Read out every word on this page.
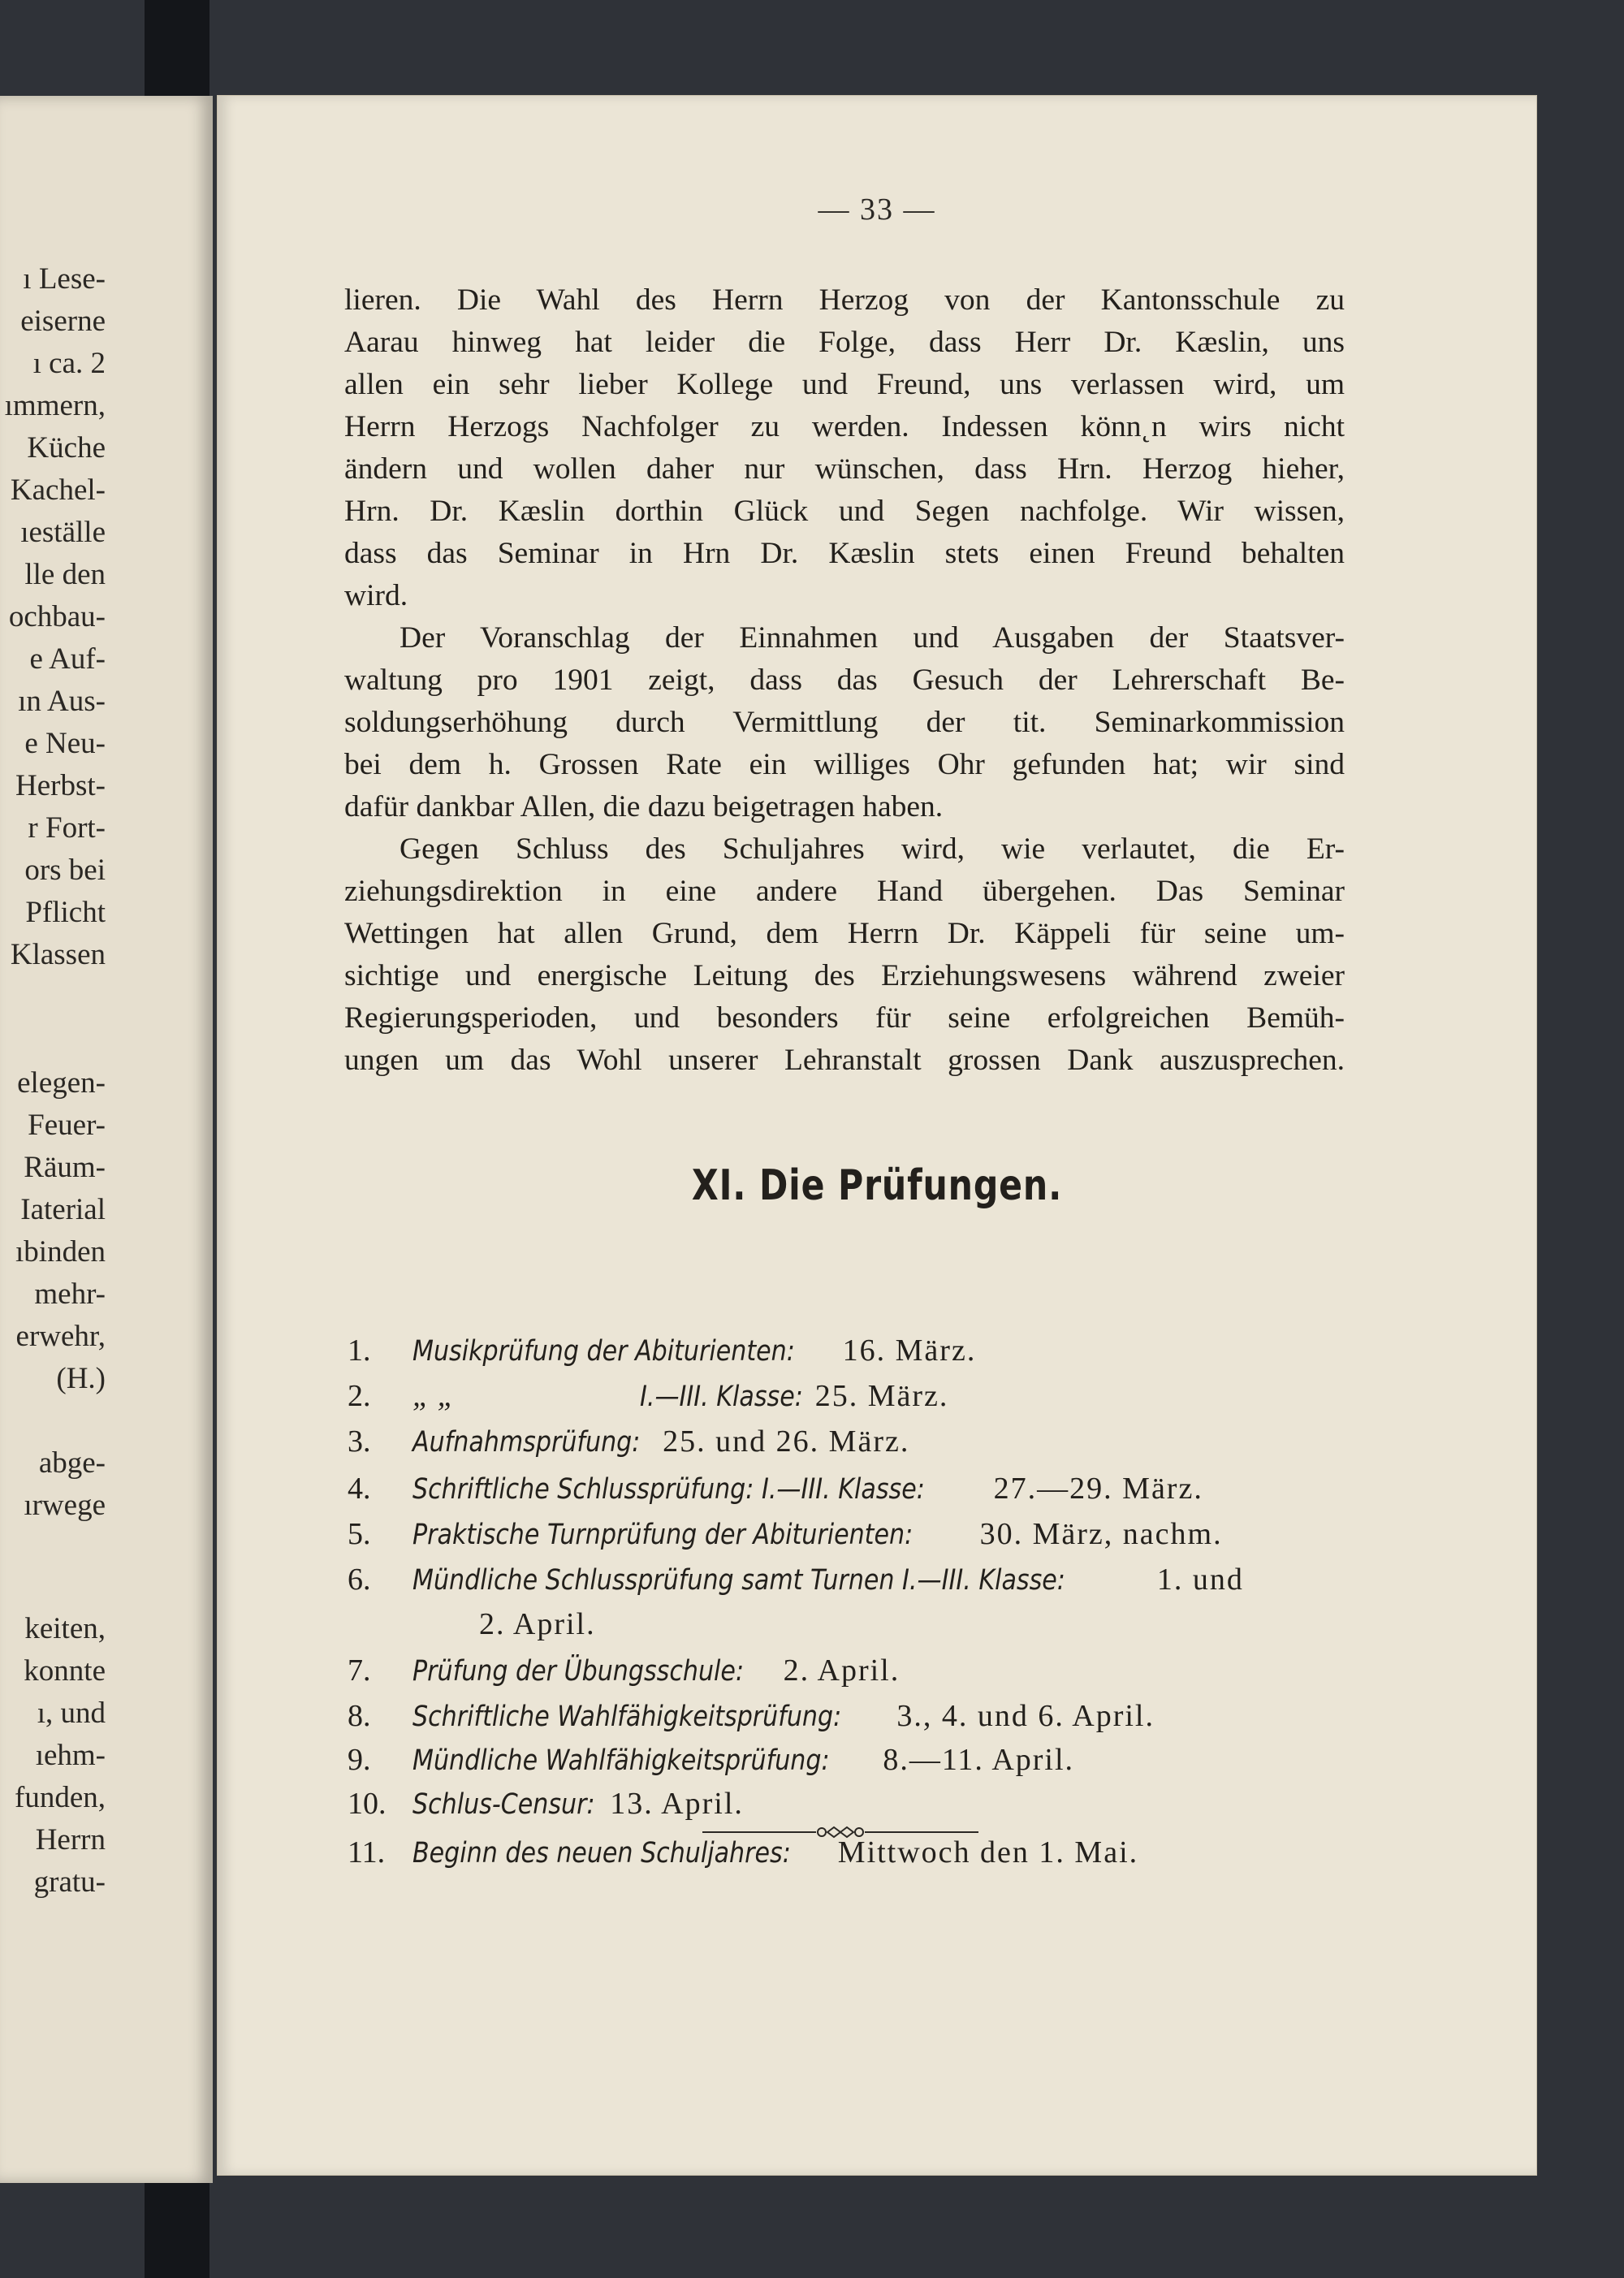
ı Lese-
eiserne
ı ca. 2
ımmern,
Küche
Kachel-
ıeställe
lle den
ochbau-
e Auf-
ın Aus-
e Neu-
Herbst-
r Fort-
ors bei
Pflicht
Klassen
elegen-
Feuer-
Räum-
Iaterial
ıbinden
mehr-
erwehr,
(H.)
abge-
ırwege
keiten,
konnte
ı, und
ıehm-
funden,
Herrn
gratu-
— 33 —
lieren. Die Wahl des Herrn Herzog von der Kantonsschule zu
Aarau hinweg hat leider die Folge, dass Herr Dr. Kæslin, uns
allen ein sehr lieber Kollege und Freund, uns verlassen wird, um
Herrn Herzogs Nachfolger zu werden. Indessen könn˛n wirs nicht
ändern und wollen daher nur wünschen, dass Hrn. Herzog hieher,
Hrn. Dr. Kæslin dorthin Glück und Segen nachfolge. Wir wissen,
dass das Seminar in Hrn Dr. Kæslin stets einen Freund behalten
wird.
Der Voranschlag der Einnahmen und Ausgaben der Staatsver-
waltung pro 1901 zeigt, dass das Gesuch der Lehrerschaft Be-
soldungserhöhung durch Vermittlung der tit. Seminarkommission
bei dem h. Grossen Rate ein williges Ohr gefunden hat; wir sind
dafür dankbar Allen, die dazu beigetragen haben.
Gegen Schluss des Schuljahres wird, wie verlautet, die Er-
ziehungsdirektion in eine andere Hand übergehen. Das Seminar
Wettingen hat allen Grund, dem Herrn Dr. Käppeli für seine um-
sichtige und energische Leitung des Erziehungswesens während zweier
Regierungsperioden, und besonders für seine erfolgreichen Bemüh-
ungen um das Wohl unserer Lehranstalt grossen Dank auszusprechen.
XI. Die Prüfungen.
1. Musikprüfung der Abiturienten: 16. März.
2. „ „	I.—III. Klasse: 25. März.
3. Aufnahmsprüfung: 25. und 26. März.
4. Schriftliche Schlussprüfung: I.—III. Klasse: 27.—29. März.
5. Praktische Turnprüfung der Abiturienten: 30. März, nachm.
6. Mündliche Schlussprüfung samt Turnen I.—III. Klasse:	1. und
2. April.
7. Prüfung der Übungsschule: 2. April.
8. Schriftliche Wahlfähigkeitsprüfung: 3., 4. und 6. April.
9. Mündliche Wahlfähigkeitsprüfung: 8.—11. April.
10. Schlus-Censur: 13. April.
11. Beginn des neuen Schuljahres: Mittwoch den 1. Mai.
